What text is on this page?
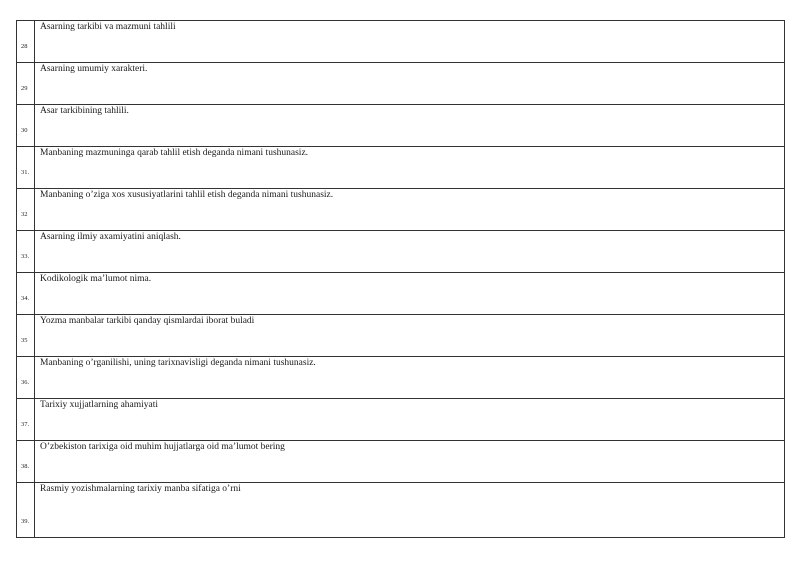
28	Asarning tarkibi va mazmuni tahlili

29	Asarning umumiy xarakteri.

30	Asar tarkibining tahlili.

31.	Manbaning mazmuninga qarab tahlil etish deganda nimani tushunasiz.

32	Manbaning o’ziga xos xususiyatlarini tahlil etish deganda nimani tushunasiz.

33.	Asarning ilmiy axamiyatini aniqlash.

34.	Kodikologik ma’lumot nima.

35	Yozma manbalar tarkibi qanday qismlardai iborat buladi

36.	Manbaning o’rganilishi, uning tarixnavisligi deganda nimani tushunasiz.

37.	Tarixiy xujjatlarning ahamiyati

38.	O’zbekiston tarixiga oid muhim hujjatlarga oid ma’lumot bering

39.	Rasmiy yozishmalarning tarixiy manba sifatiga o’rni
